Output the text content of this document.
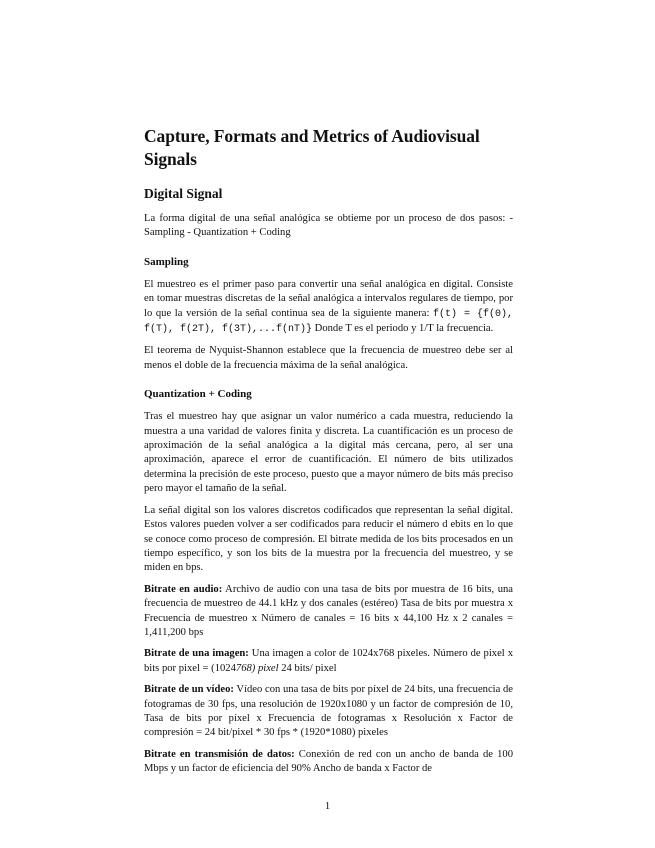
Capture, Formats and Metrics of Audiovisual Signals
Digital Signal

La forma digital de una señal analógica se obtieme por un proceso de dos pasos: - Sampling - Quantization + Coding

Sampling

El muestreo es el primer paso para convertir una señal analógica en digital. Consiste en tomar muestras discretas de la señal analógica a intervalos regulares de tiempo, por lo que la versión de la señal continua sea de la siguiente manera: f(t) = {f(0), f(T), f(2T), f(3T),...f(nT)} Donde T es el periodo y 1/T la frecuencia.

El teorema de Nyquist-Shannon establece que la frecuencia de muestreo debe ser al menos el doble de la frecuencia máxima de la señal analógica.

Quantization + Coding

Tras el muestreo hay que asignar un valor numérico a cada muestra, reduciendo la muestra a una varidad de valores finita y discreta. La cuantificación es un proceso de aproximación de la señal analógica a la digital más cercana, pero, al ser una aproximación, aparece el error de cuantificación. El número de bits utilizados determina la precisión de este proceso, puesto que a mayor número de bits más preciso pero mayor el tamaño de la señal.

La señal digital son los valores discretos codificados que representan la señal digital. Estos valores pueden volver a ser codificados para reducir el número d ebits en lo que se conoce como proceso de compresión. El bitrate medida de los bits procesados en un tiempo específico, y son los bits de la muestra por la frecuencia del muestreo, y se miden en bps.

Bitrate en audio: Archivo de audio con una tasa de bits por muestra de 16 bits, una frecuencia de muestreo de 44.1 kHz y dos canales (estéreo) Tasa de bits por muestra x Frecuencia de muestreo x Número de canales = 16 bits x 44,100 Hz x 2 canales = 1,411,200 bps

Bitrate de una imagen: Una imagen a color de 1024x768 pixeles. Número de pixel x bits por pixel = (1024768) pixel 24 bits/ pixel

Bitrate de un vídeo: Vídeo con una tasa de bits por píxel de 24 bits, una frecuencia de fotogramas de 30 fps, una resolución de 1920x1080 y un factor de compresión de 10, Tasa de bits por píxel x Frecuencia de fotogramas x Resolución x Factor de compresión = 24 bit/pixel * 30 fps * (1920*1080) pixeles

Bitrate en transmisión de datos: Conexión de red con un ancho de banda de 100 Mbps y un factor de eficiencia del 90% Ancho de banda x Factor de

1
